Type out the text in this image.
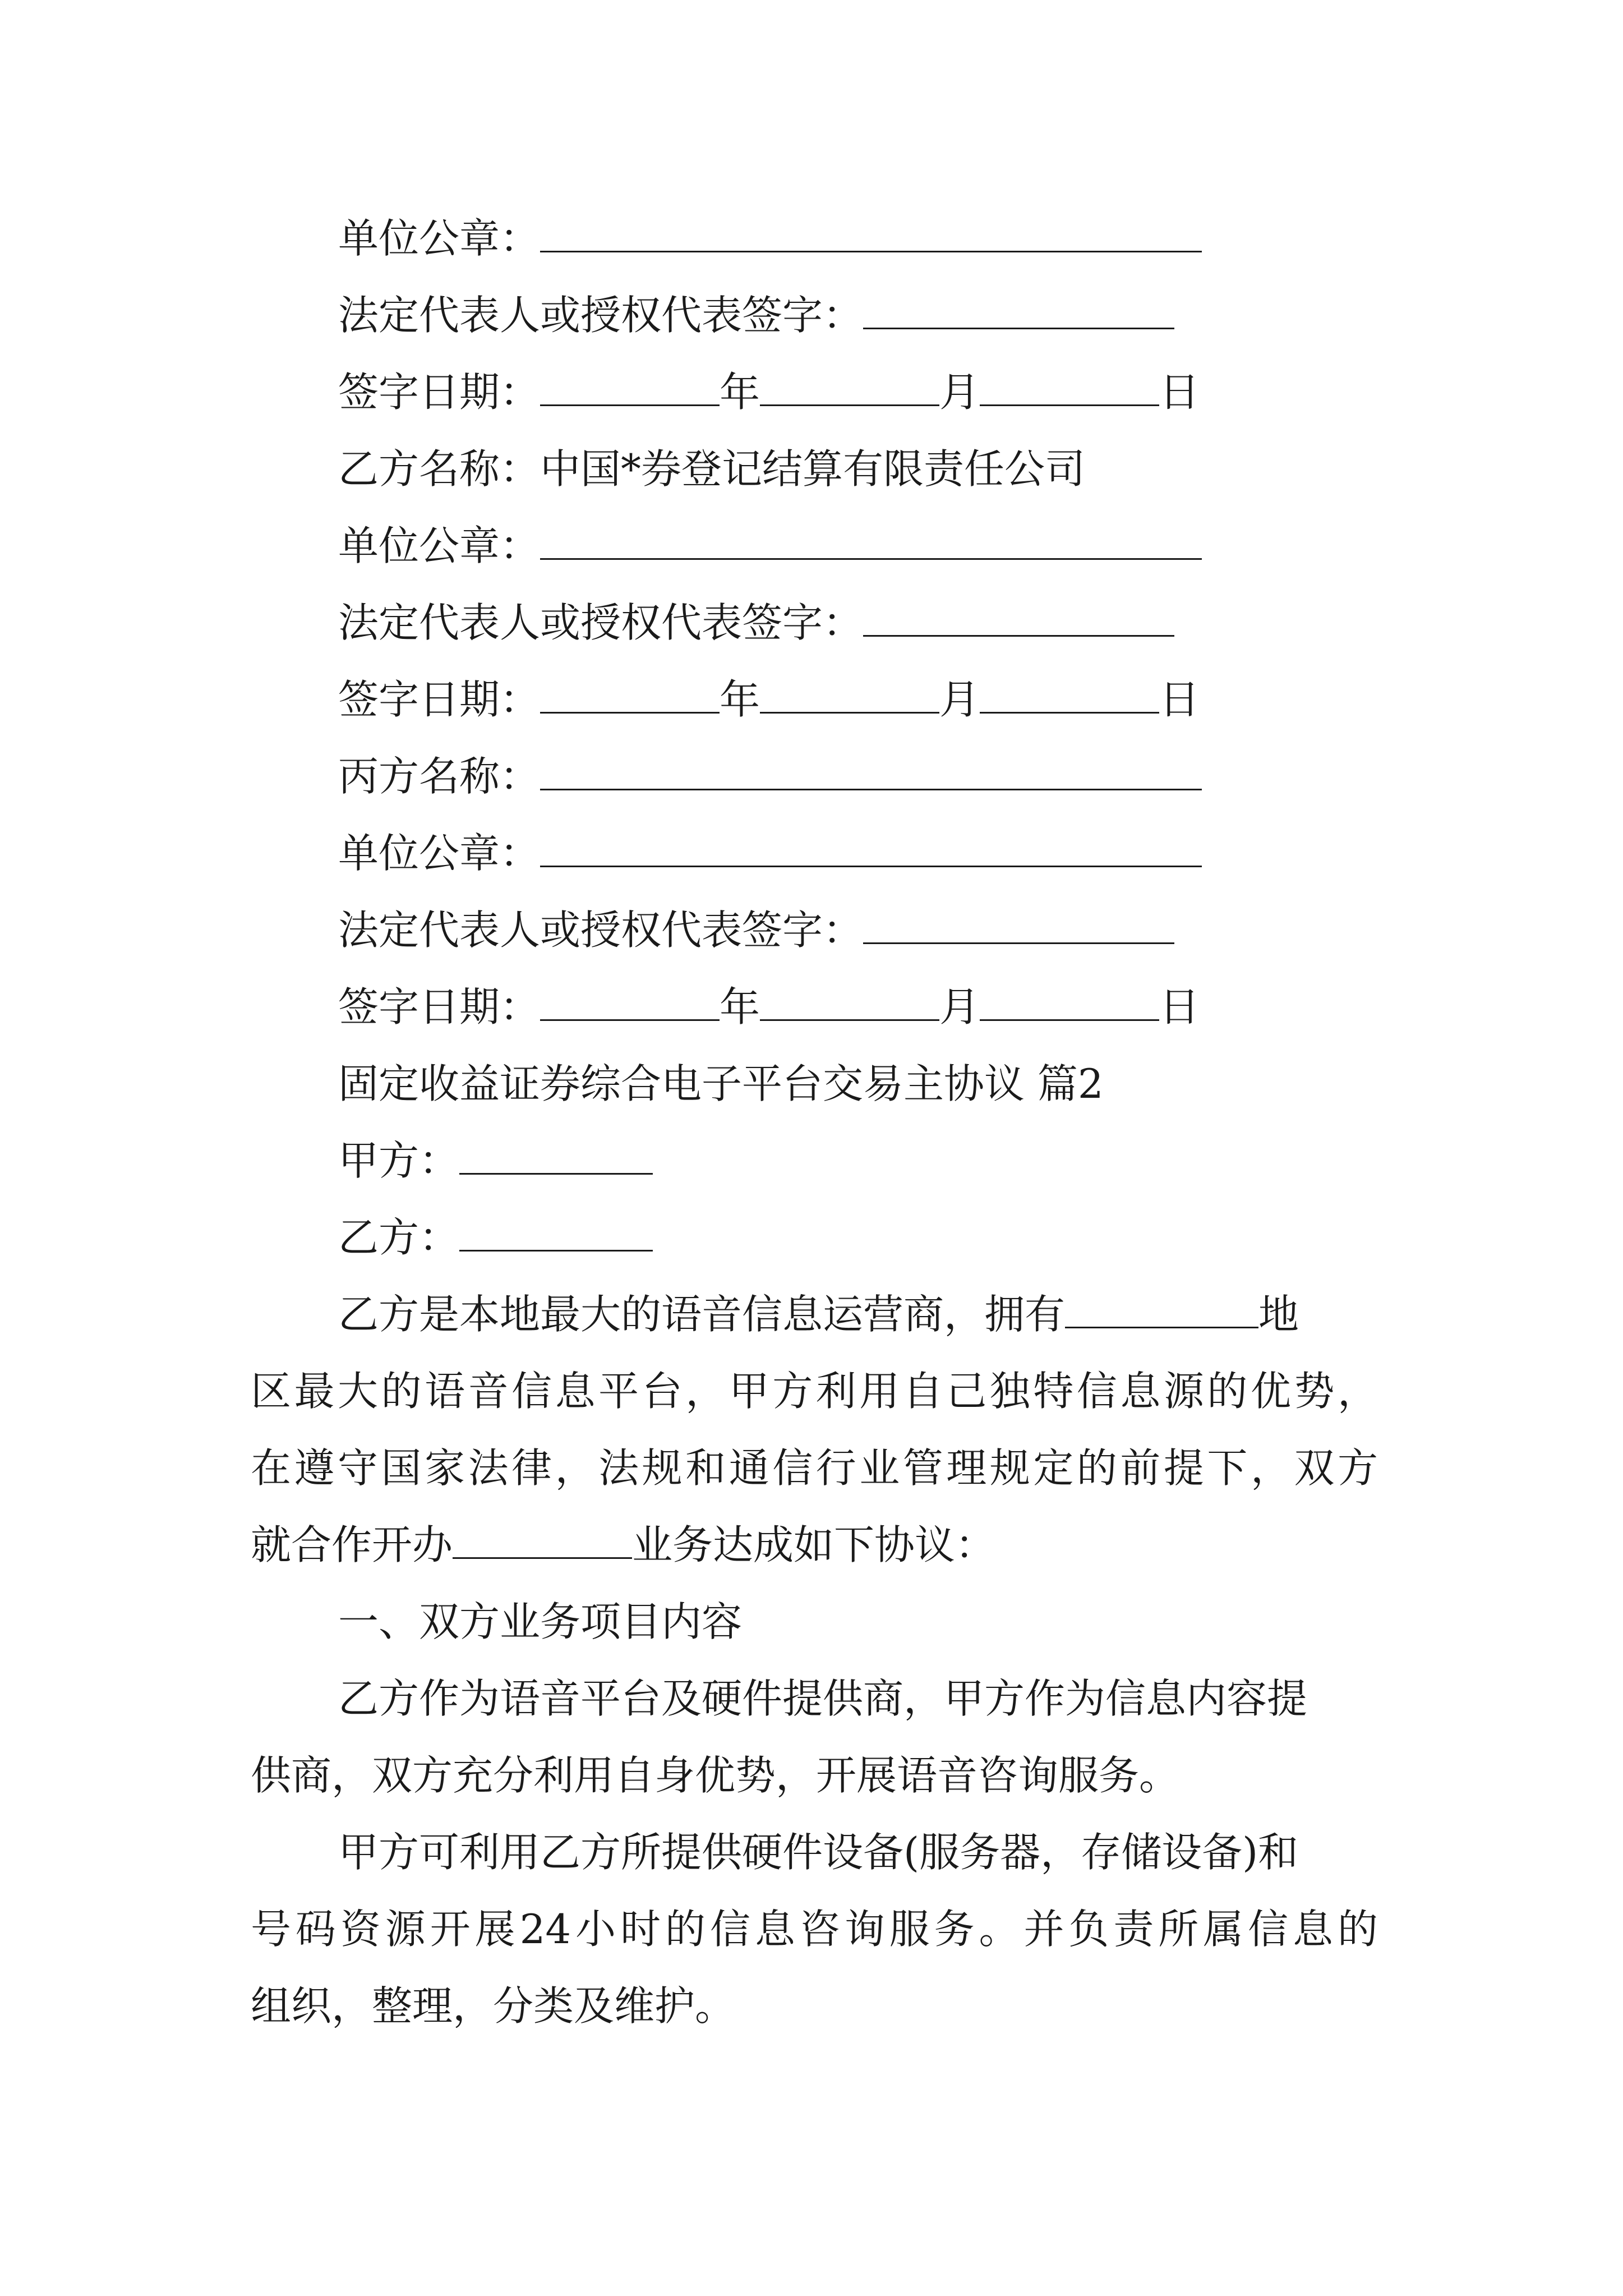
单位公章：
法定代表人或授权代表签字：
签字日期：	年	月	日
乙方名称：中国*券登记结算有限责任公司
单位公章：
法定代表人或授权代表签字：
签字日期：	年	月	日
丙方名称：
单位公章：
法定代表人或授权代表签字：
签字日期：	年	月	日
固定收益证券综合电子平台交易主协议 篇2
甲方：
乙方：
乙方是本地最大的语音信息运营商，拥有	地
区最大的语音信息平台，甲方利用自己独特信息源的优势，
在遵守国家法律，法规和通信行业管理规定的前提下，双方
就合作开办	业务达成如下协议：
一、双方业务项目内容
乙方作为语音平台及硬件提供商，甲方作为信息内容提
供商，双方充分利用自身优势，开展语音咨询服务。
甲方可利用乙方所提供硬件设备(服务器，存储设备)和
号码资源开展24小时的信息咨询服务。并负责所属信息的
组织，整理，分类及维护。
